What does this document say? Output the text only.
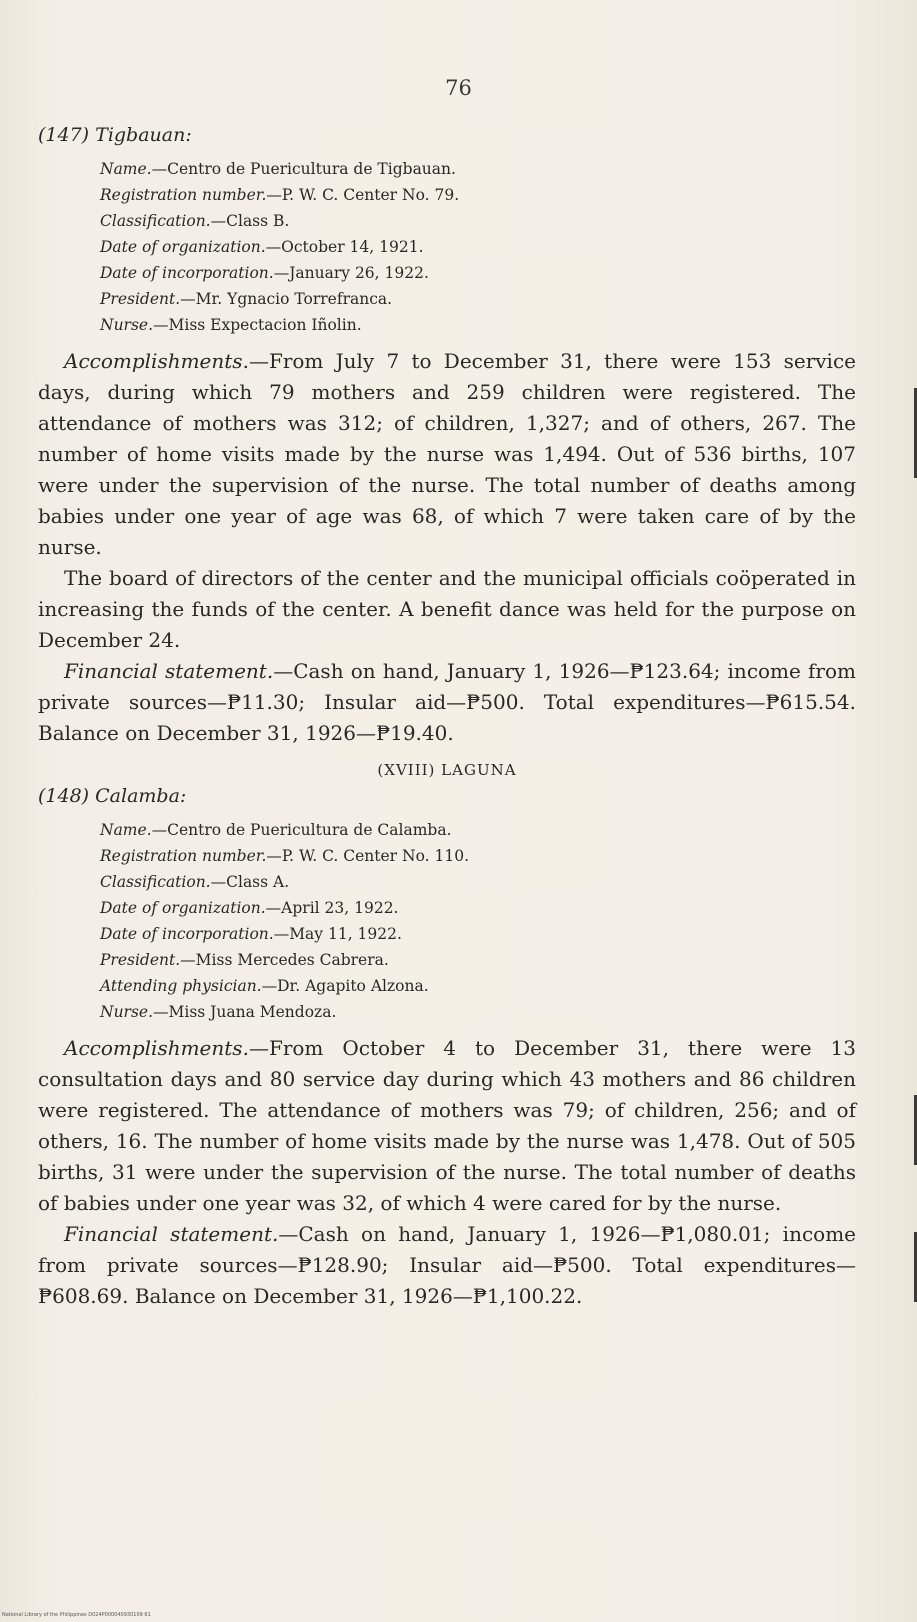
76
(147) Tigbauan:
Name.—Centro de Puericultura de Tigbauan.
Registration number.—P. W. C. Center No. 79.
Classification.—Class B.
Date of organization.—October 14, 1921.
Date of incorporation.—January 26, 1922.
President.—Mr. Ygnacio Torrefranca.
Nurse.—Miss Expectacion Iñolin.

Accomplishments.—From July 7 to December 31, there were 153 service days, during which 79 mothers and 259 children were registered. The attendance of mothers was 312; of children, 1,327; and of others, 267. The number of home visits made by the nurse was 1,494. Out of 536 births, 107 were under the supervision of the nurse. The total number of deaths among babies under one year of age was 68, of which 7 were taken care of by the nurse.

The board of directors of the center and the municipal officials coöperated in increasing the funds of the center. A benefit dance was held for the purpose on December 24.

Financial statement.—Cash on hand, January 1, 1926—₱123.64; income from private sources—₱11.30; Insular aid—₱500. Total expenditures—₱615.54. Balance on December 31, 1926—₱19.40.

(XVIII) LAGUNA
(148) Calamba:
Name.—Centro de Puericultura de Calamba.
Registration number.—P. W. C. Center No. 110.
Classification.—Class A.
Date of organization.—April 23, 1922.
Date of incorporation.—May 11, 1922.
President.—Miss Mercedes Cabrera.
Attending physician.—Dr. Agapito Alzona.
Nurse.—Miss Juana Mendoza.

Accomplishments.—From October 4 to December 31, there were 13 consultation days and 80 service day during which 43 mothers and 86 children were registered. The attendance of mothers was 79; of children, 256; and of others, 16. The number of home visits made by the nurse was 1,478. Out of 505 births, 31 were under the supervision of the nurse. The total number of deaths of babies under one year was 32, of which 4 were cared for by the nurse.

Financial statement.—Cash on hand, January 1, 1926—₱1,080.01; income from private sources—₱128.90; Insular aid—₱500. Total expenditures—₱608.69. Balance on December 31, 1926—₱1,100.22.

National Library of the Philippines D024P000040930109 61
